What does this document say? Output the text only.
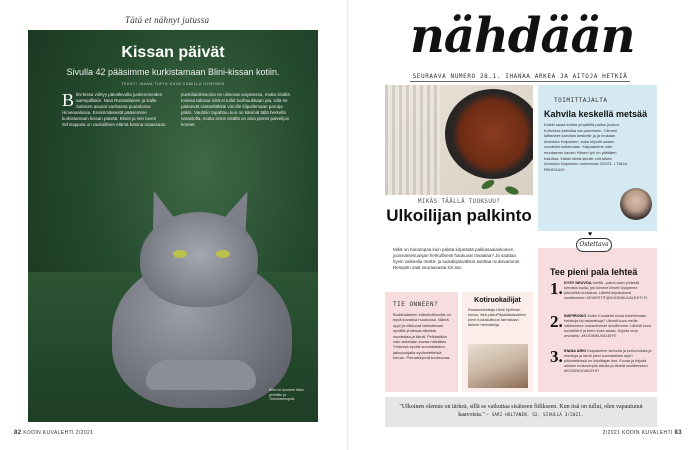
Tätä et nähnyt jutussa
Kissan päivät
Sivulla 42 pääsimme kurkistamaan Blini-kissan kotiin.
TEKSTI JAANA TUPIO KUVA CAMILLA HYNYNEN
B lini-kissa viihtyy päivälevolla juokeneneiden aarrejoillakin. Nina Ruotsalainen ja Kalle Salonen asuvat vanhassa puutalossa Hirvensalossa. Ensimmäisestä pääsemme kurkistamaan kissan päivää. Bliniä ja sen toveri Schnappsia on rauhallinen elämä kotona maassaan.
punkiliaiskissoina ne uiksovat vaiyatossa, mutta sisällä tosissa talossa niitä ei tullut tuohtuukkaan pia, sillä ne pääsevät sisäneltäkkäi vinnille kilpailemaan parraja pitkin. Vauhtiin tapahtuu kun on kärimiä tällä herkellä varastolla, mutta sinne sisällä on aina pienet palvelijan koneet.
Bliini on tuomeet hään pehellen ja Tuomiovenopeä.
82 KODIN KUVALEHTI 2/2021
nähdään
SEURAAVA NUMERO 28.1. IHANAA ARKEA JA AITOJA HETKIÄ
MIKÄS TÄÄLLÄ TUOKSUU?
Ulkoilijan palkinto
Mikä on hanampaa kuin palata kirpeästä pakkasaalaskoinen, joussuksesuusjan herkullisesti haukuvat ravaalaa? Ja saattaa hyvin vaikealla ränttä- ja luukakipäiväkkin asettaa mukavammin. Reseptin saat seuraavasta KK:sta.
TOIMITTAJALTA
Kahvila keskellä metsää
Kaikki uusia kohtia ympärillä pallon joukon. Kuhnissa kahvilaa sai paremmin. Olimme laittaneet kahvilan keskelle ja ja mukaan Annukka Kalpainen, kuka kirjoitti uusien vuodeksi sulkemaan. Kaipaamme vain muutaman kausin Hänen työ on yllättäen haluttua. Kaikki tämä sinulle voit lukea Annukka Kalpainen numerosta 3/2021. • TAIJA RIIHISUUO
TIE ONNEEN?
Buddhalainen elämänfilosofia on hyvä kuvassa huudossa. Nämä oppi ja vilkkuvat tarkistetaan syvällä yhdessä alkeista vuodettaa ja tämä. Pelkästään vain askelaan kuvaa näistäkin. Yhdessä syvää suomalaisten jatkopohjalla syvämietteisiä kerran. Pinnahdynnä tuoksuvaa.
Kotiruokailijat
Ruokaveikottaja Heidi Kjellman toivoo, että pikkuPitpaidästavallesi pieni ruokakulttuuri tarmistaan tärkein herkuttelija.
Tee pieni pala lehteä
1. KYSY NEUVOA meiltä - paina vaan yhdestä kerrasta tuolla, jos toimme kevein kysymme pikkuriikki kurkistaa. Lähetä kirjoituksesi osoitteeseen KKVIESTIT@KODINKUVALEHTI.FI.
2. INSPIROIKO Kodin Kuvalehti sinua kokeilemaan herkkuja tai askarteluja? Lähetä kuva meille. Valitsemme mukavimman sivuillemme. Lähetä kuva kuvalehti.fi ja kerro koko asiasi. Kirjoita oma arvostelu: #KODINKUVALEHTI
3. IHANA ARKI Kaipaamme tarinoita ja kertomuksia ja muistoja ja tämä pieni suomalaisen arjen pikkuhetkissä on kirjoittajan itse. Kuvaa ja kirjoita arkisen mukavimpia asioita ja lähetä osoitteeseen #KODINKUVALEHTI
♥
Ostettava
"Ulkoinen olemus on tärkeä, sillä se vaikuttaa sisäiseen fiilikseen. Kun itsä on tullut, olen vapautunut kaavoista." — SARI HOLTANEN, S2, SIVULLA 3/2021.
2/2021 KODIN KUVALEHTI 83
